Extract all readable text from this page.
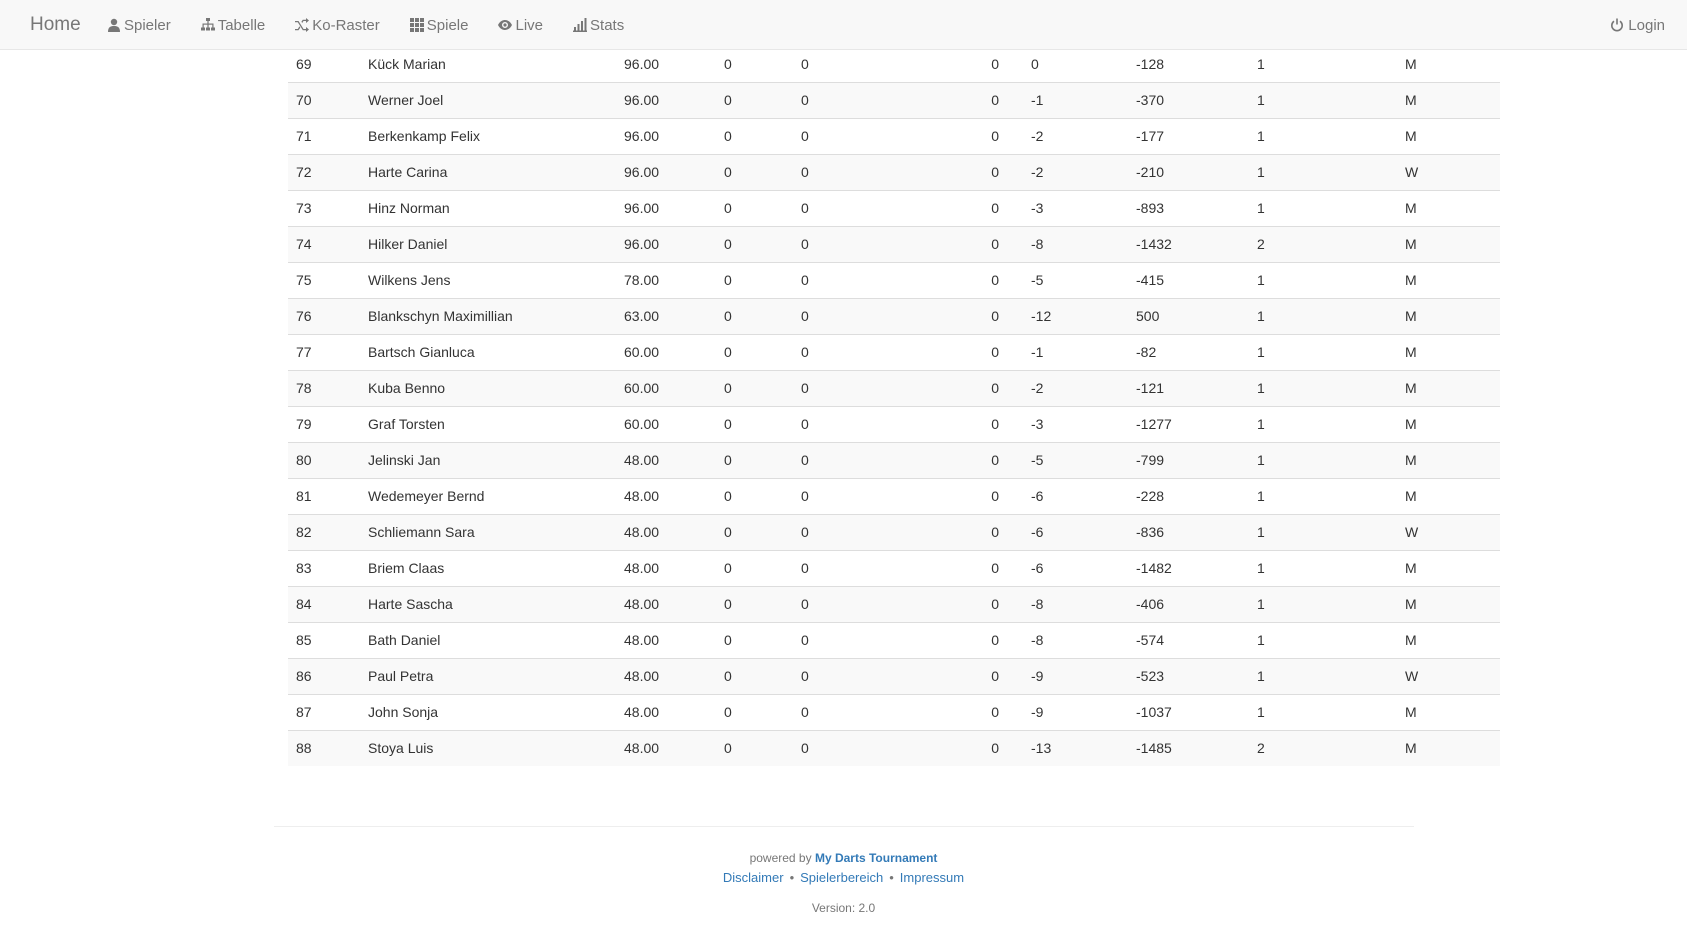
Home	Spieler	Tabelle	Ko-Raster	Spiele	Live	Stats	Login
69	Kück Marian	96.00	0	0	0	0	-128	1	M
70	Werner Joel	96.00	0	0	0	-1	-370	1	M
71	Berkenkamp Felix	96.00	0	0	0	-2	-177	1	M
72	Harte Carina	96.00	0	0	0	-2	-210	1	W
73	Hinz Norman	96.00	0	0	0	-3	-893	1	M
74	Hilker Daniel	96.00	0	0	0	-8	-1432	2	M
75	Wilkens Jens	78.00	0	0	0	-5	-415	1	M
76	Blankschyn Maximillian	63.00	0	0	0	-12	500	1	M
77	Bartsch Gianluca	60.00	0	0	0	-1	-82	1	M
78	Kuba Benno	60.00	0	0	0	-2	-121	1	M
79	Graf Torsten	60.00	0	0	0	-3	-1277	1	M
80	Jelinski Jan	48.00	0	0	0	-5	-799	1	M
81	Wedemeyer Bernd	48.00	0	0	0	-6	-228	1	M
82	Schliemann Sara	48.00	0	0	0	-6	-836	1	W
83	Briem Claas	48.00	0	0	0	-6	-1482	1	M
84	Harte Sascha	48.00	0	0	0	-8	-406	1	M
85	Bath Daniel	48.00	0	0	0	-8	-574	1	M
86	Paul Petra	48.00	0	0	0	-9	-523	1	W
87	John Sonja	48.00	0	0	0	-9	-1037	1	M
88	Stoya Luis	48.00	0	0	0	-13	-1485	2	M
powered by My Darts Tournament
Disclaimer • Spielerbereich • Impressum
Version: 2.0
